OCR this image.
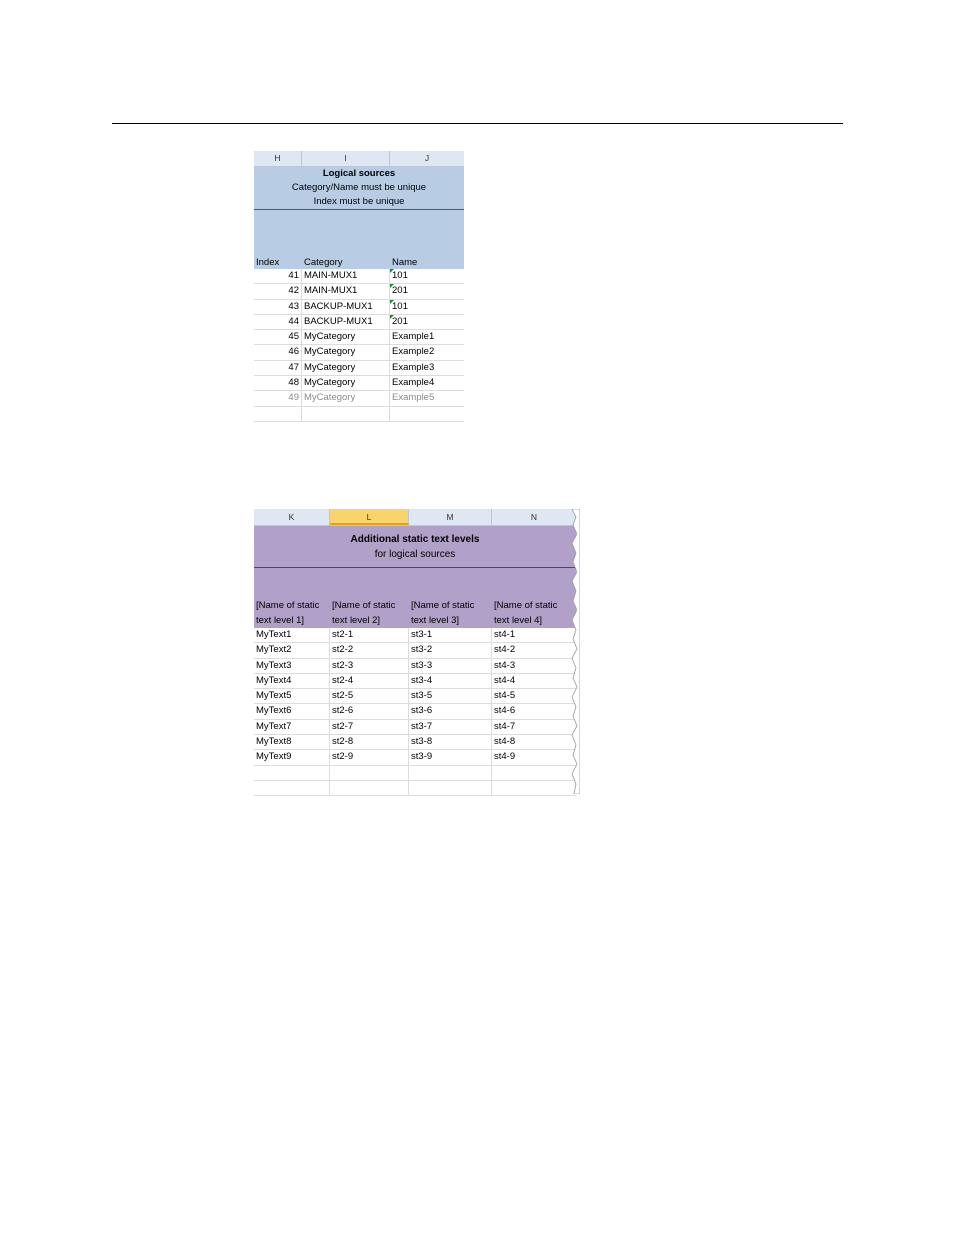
H	I	J
Logical sources
Category/Name must be unique
Index must be unique
Index	Category	Name
41 MAIN-MUX1	101
42 MAIN-MUX1	201
43 BACKUP-MUX1	101
44 BACKUP-MUX1	201
45 MyCategory	Example1
46 MyCategory	Example2
47 MyCategory	Example3
48 MyCategory	Example4
49 MyCategory	Example5
K	L	M	N
Additional static text levels
for logical sources
[Name of static
text level 1]
[Name of static
text level 2]
[Name of static
text level 3]
[Name of static
text level 4]
MyText1	st2-1	st3-1	st4-1
MyText2	st2-2	st3-2	st4-2
MyText3	st2-3	st3-3	st4-3
MyText4	st2-4	st3-4	st4-4
MyText5	st2-5	st3-5	st4-5
MyText6	st2-6	st3-6	st4-6
MyText7	st2-7	st3-7	st4-7
MyText8	st2-8	st3-8	st4-8
MyText9	st2-9	st3-9	st4-9
